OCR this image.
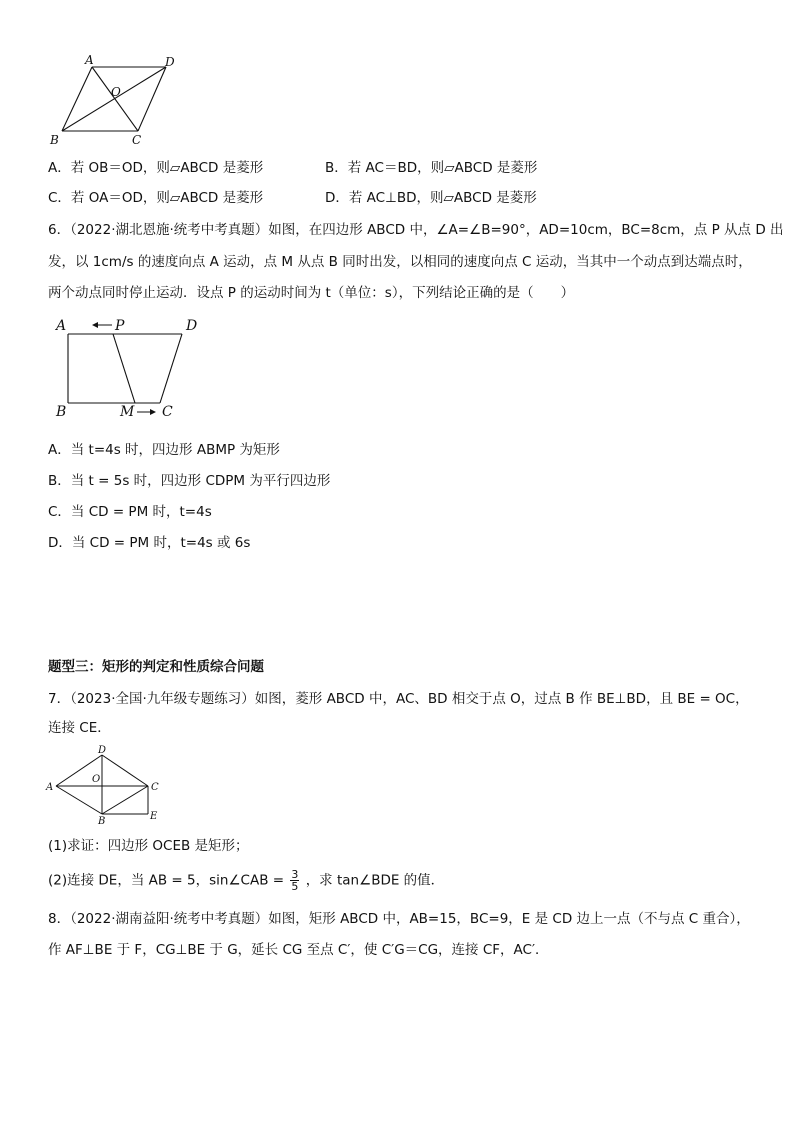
A	D
O
B	C
A．若 OB＝OD，则▱ABCD 是菱形	B．若 AC＝BD，则▱ABCD 是菱形
C．若 OA＝OD，则▱ABCD 是菱形	D．若 AC⊥BD，则▱ABCD 是菱形
6．（2022·湖北恩施·统考中考真题）如图，在四边形 ABCD 中，∠A=∠B=90°，AD=10cm，BC=8cm，点 P 从点 D 出
发，以 1cm/s 的速度向点 A 运动，点 M 从点 B 同时出发，以相同的速度向点 C 运动，当其中一个动点到达端点时，
两个动点同时停止运动．设点 P 的运动时间为 t（单位：s），下列结论正确的是（　　）
A	P	D
B	M C
A．当 t=4s 时，四边形 ABMP 为矩形
B．当 t = 5s 时，四边形 CDPM 为平行四边形
C．当 CD = PM 时，t=4s
D．当 CD = PM 时，t=4s 或 6s
题型三：矩形的判定和性质综合问题
7．（2023·全国·九年级专题练习）如图，菱形 ABCD 中，AC、BD 相交于点 O，过点 B 作 BE⊥BD，且 BE = OC，
连接 CE．
D
A
O
C
B	E
(1)求证：四边形 OCEB 是矩形；
(2)连接 DE，当 AB = 5，sin∠CAB = $\frac{3}{5}$ ，求 tan∠BDE 的值．
8．（2022·湖南益阳·统考中考真题）如图，矩形 ABCD 中，AB=15，BC=9，E 是 CD 边上一点（不与点 C 重合），
作 AF⊥BE 于 F，CG⊥BE 于 G，延长 CG 至点 C′，使 C′G＝CG，连接 CF，AC′．
